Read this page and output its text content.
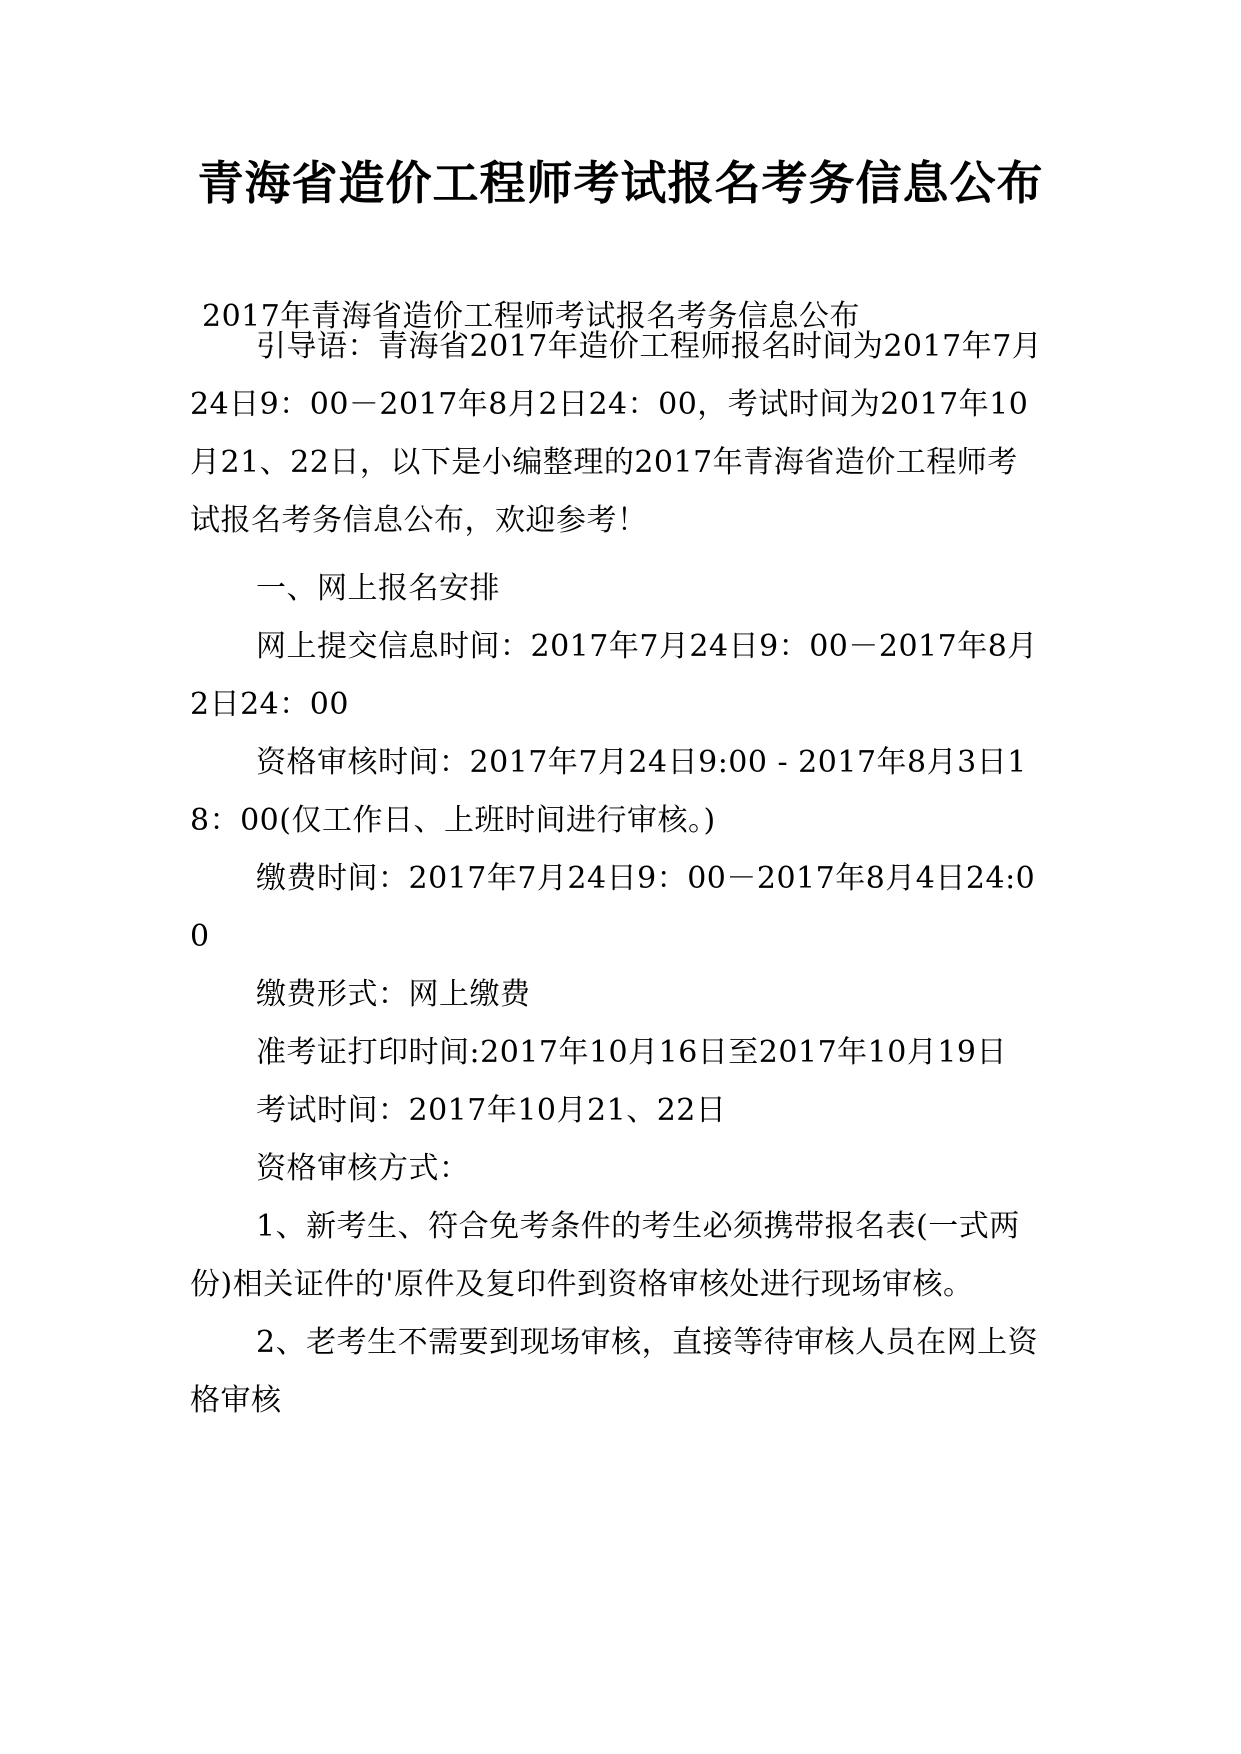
青海省造价工程师考试报名考务信息公布

2017年青海省造价工程师考试报名考务信息公布

引导语：青海省2017年造价工程师报名时间为2017年7月24日9：00－2017年8月2日24：00，考试时间为2017年10月21、22日，以下是小编整理的2017年青海省造价工程师考试报名考务信息公布，欢迎参考！

一、网上报名安排

网上提交信息时间：2017年7月24日9：00－2017年8月2日24：00

资格审核时间：2017年7月24日9:00 - 2017年8月3日18：00(仅工作日、上班时间进行审核。)

缴费时间：2017年7月24日9：00－2017年8月4日24:00

缴费形式：网上缴费

准考证打印时间:2017年10月16日至2017年10月19日

考试时间：2017年10月21、22日

资格审核方式：

1、新考生、符合免考条件的考生必须携带报名表(一式两份)相关证件的'原件及复印件到资格审核处进行现场审核。

2、老考生不需要到现场审核，直接等待审核人员在网上资格审核
